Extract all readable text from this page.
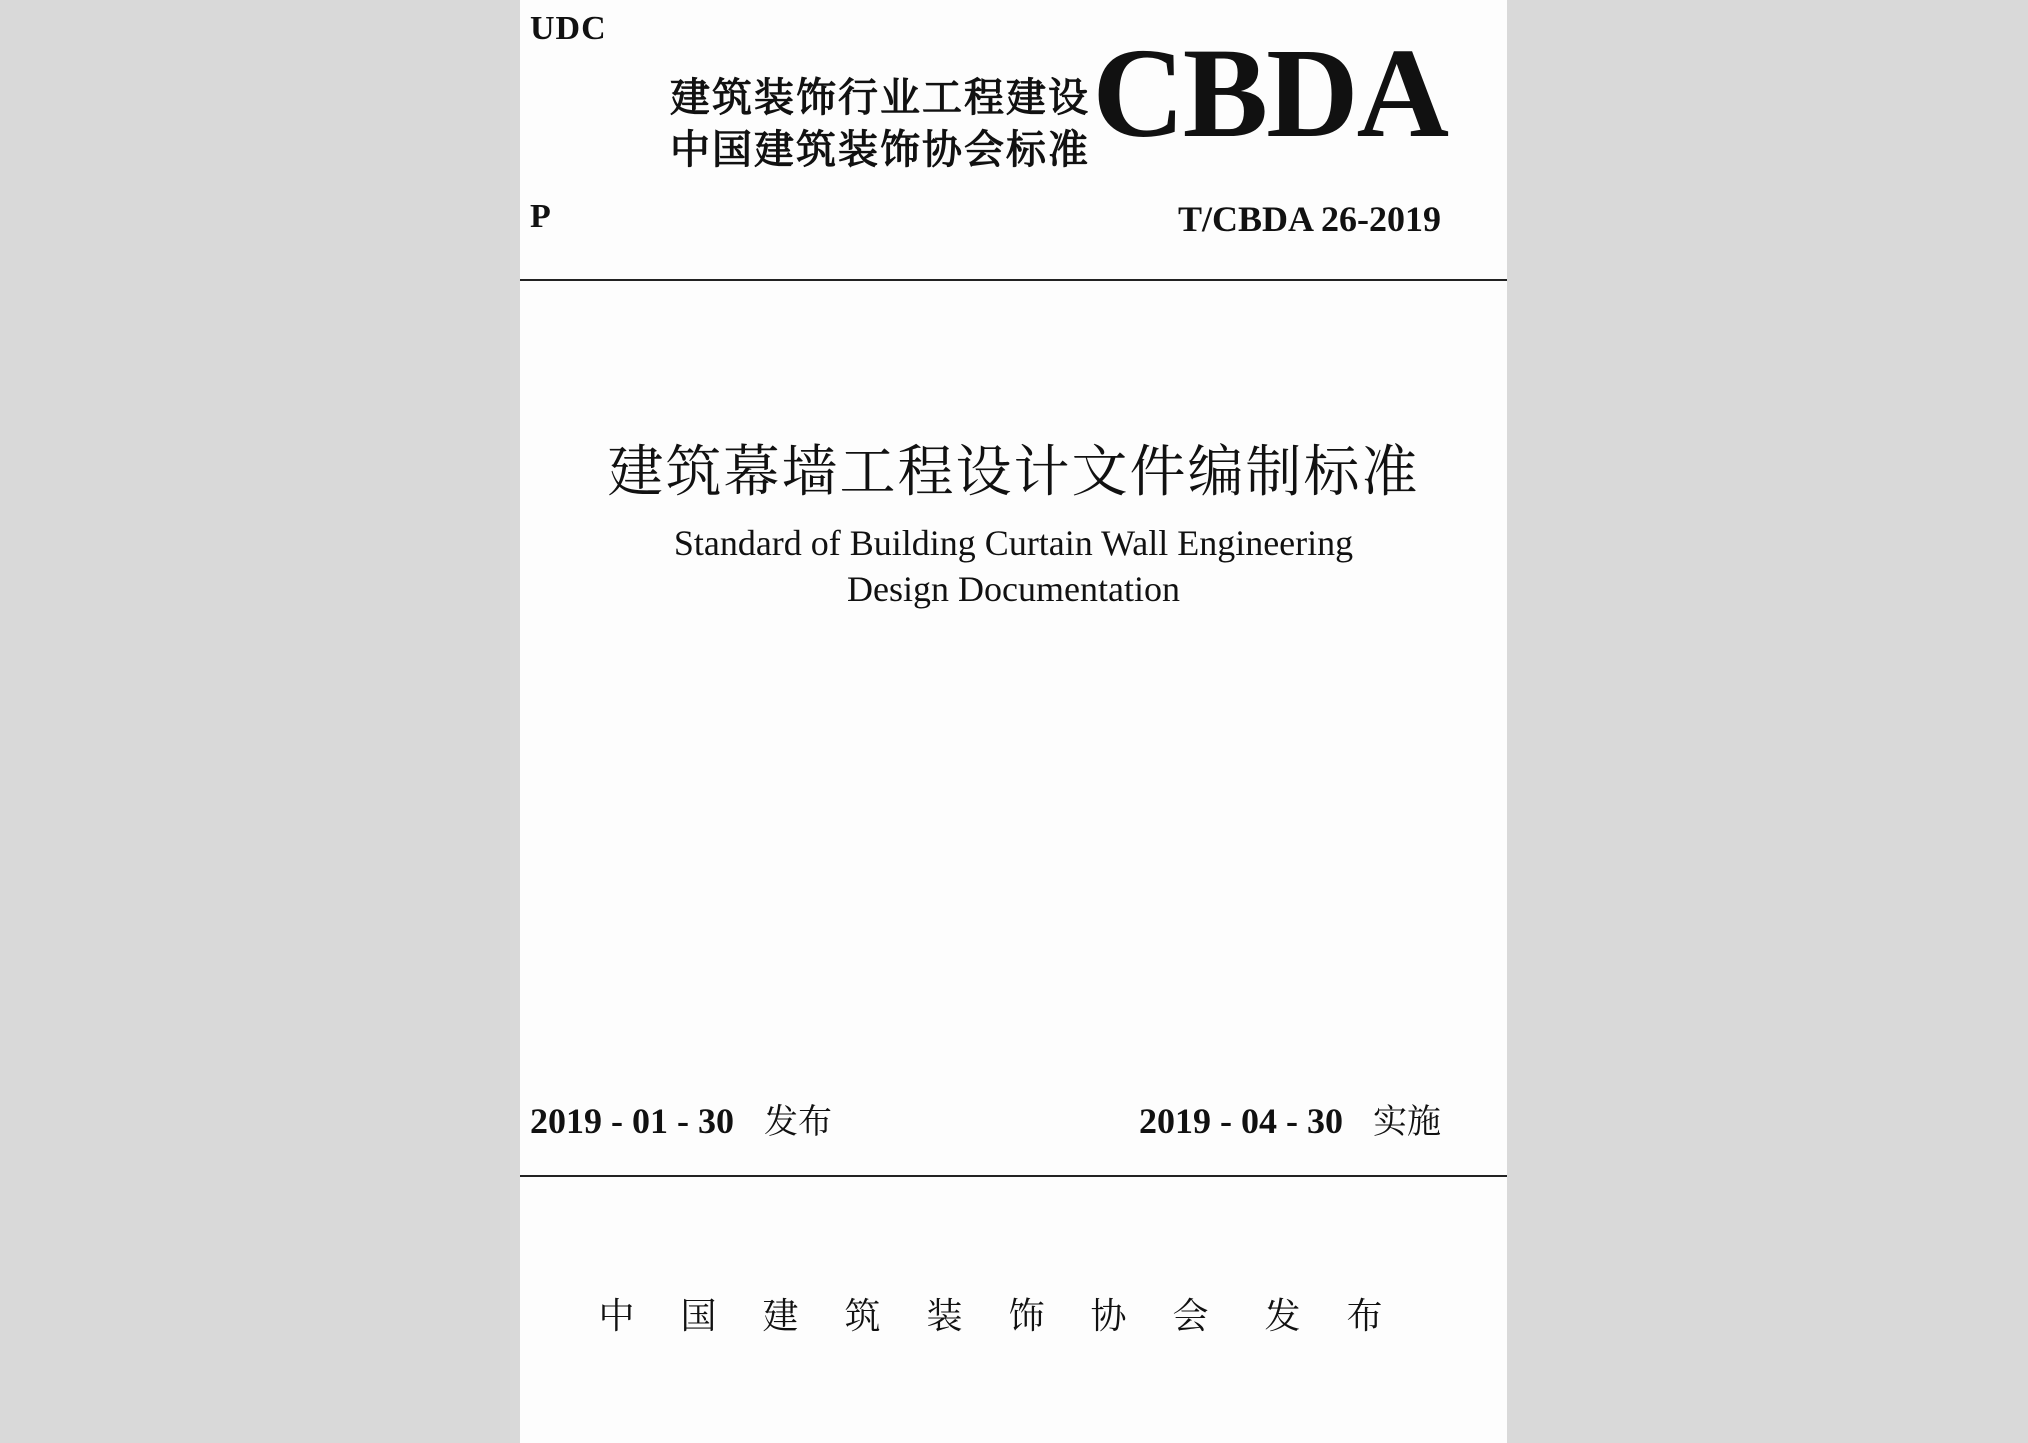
UDC
建筑装饰行业工程建设
中国建筑装饰协会标准 CBDA
P	T/CBDA 26-2019
建筑幕墙工程设计文件编制标准
Standard of Building Curtain Wall Engineering
Design Documentation
2019 - 01 - 30 发布	2019 - 04 - 30 实施
中国建筑装饰协会 发布
